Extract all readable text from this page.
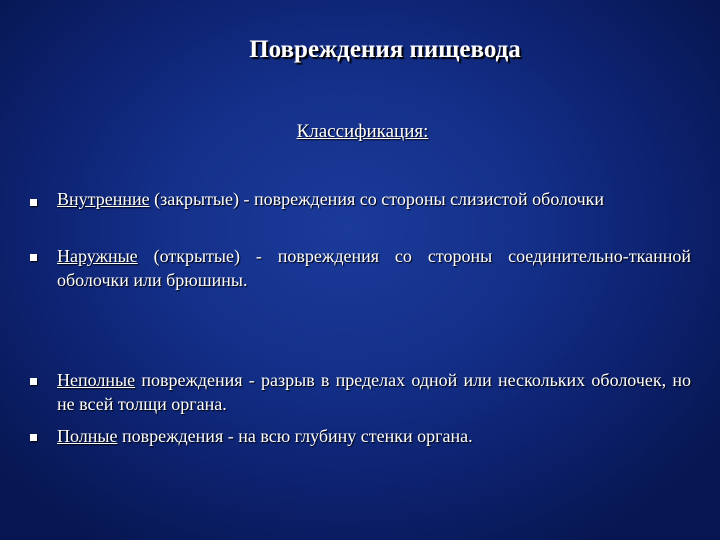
Повреждения пищевода
Классификация:
Внутренние (закрытые) - повреждения со стороны слизистой оболочки
Наружные (открытые) - повреждения со стороны соединительно-тканной оболочки или брюшины.
Неполные повреждения - разрыв в пределах одной или нескольких оболочек, но не всей толщи органа.
Полные повреждения - на всю глубину стенки органа.
